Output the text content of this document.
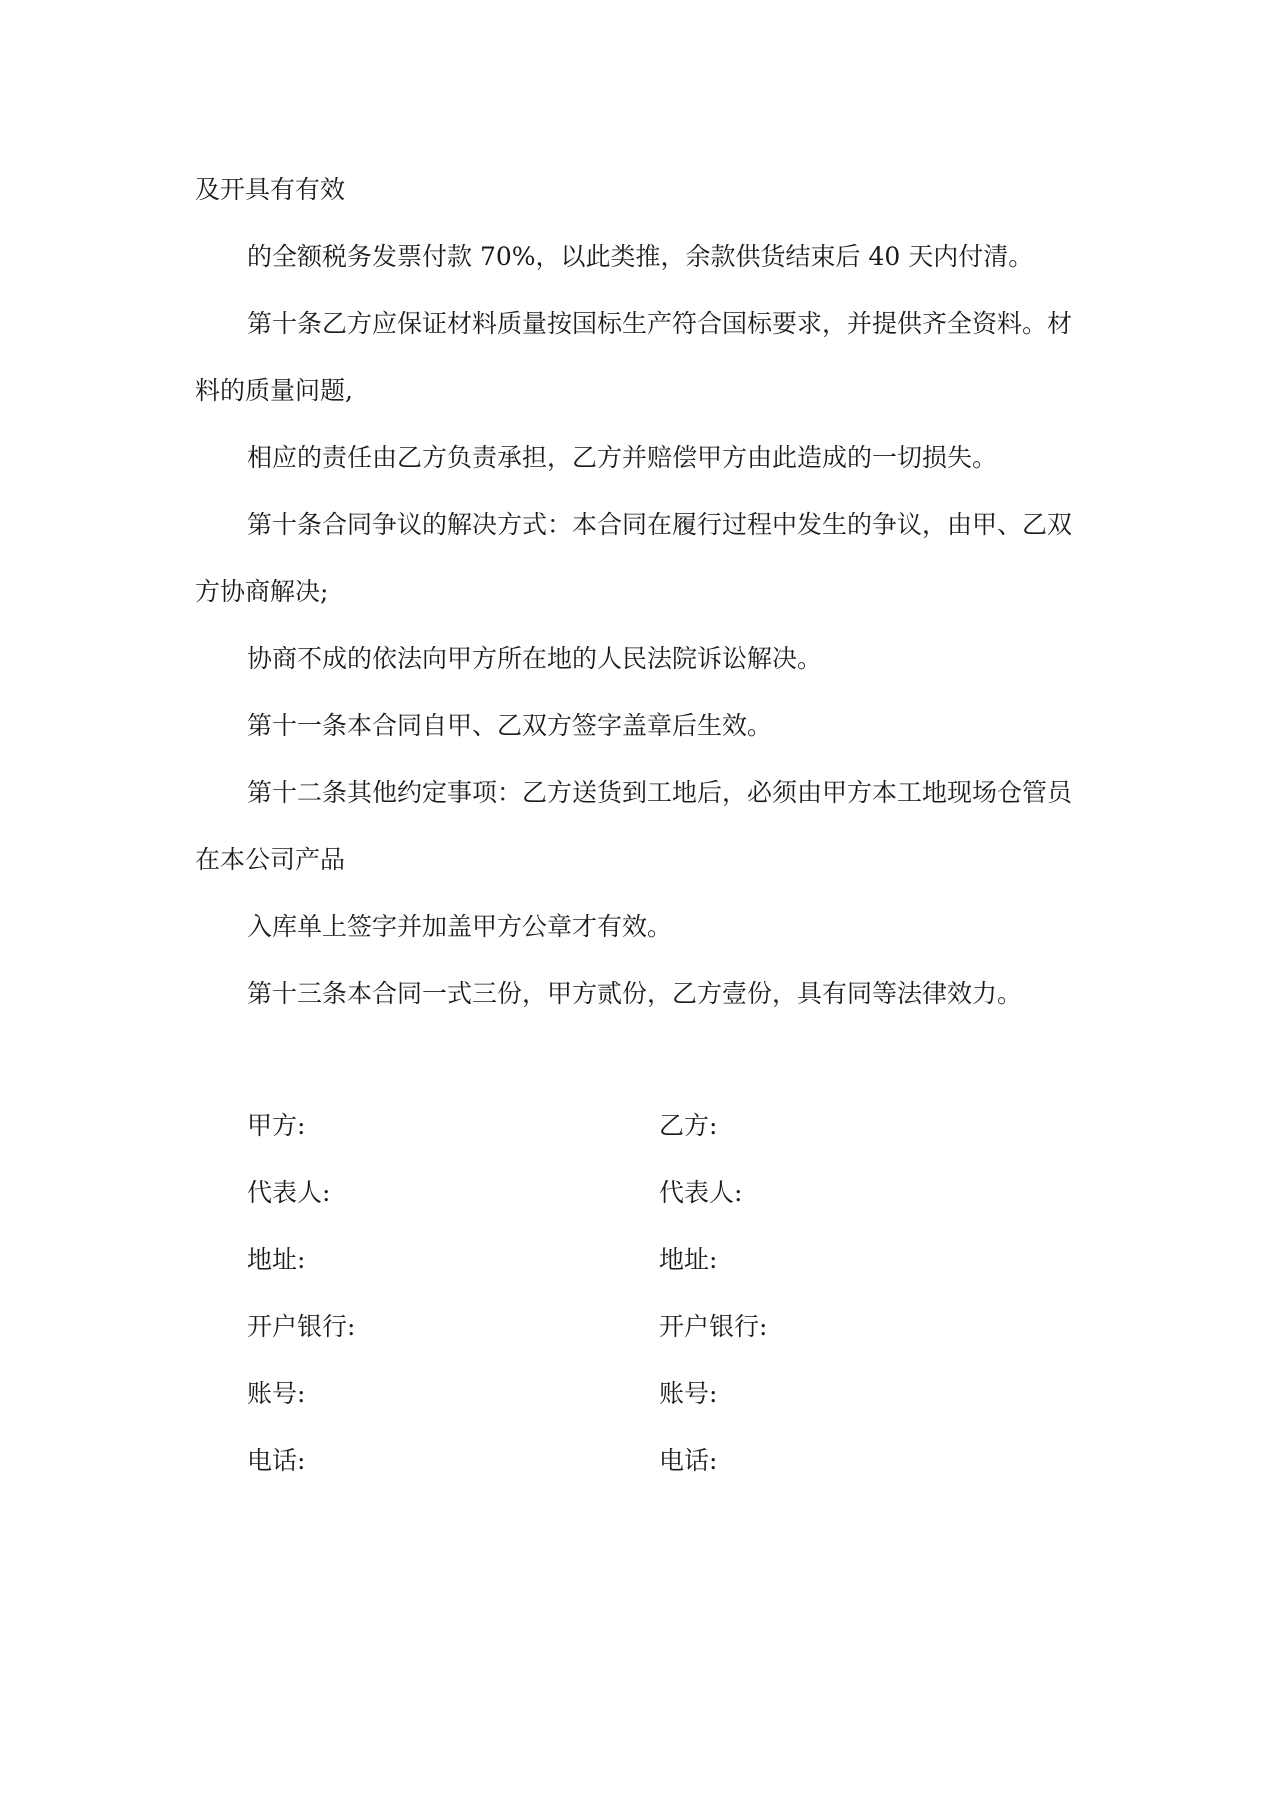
及开具有有效
的全额税务发票付款 70%，以此类推，余款供货结束后 40 天内付清。
第十条乙方应保证材料质量按国标生产符合国标要求，并提供齐全资料。材
料的质量问题,
相应的责任由乙方负责承担，乙方并赔偿甲方由此造成的一切损失。
第十条合同争议的解决方式：本合同在履行过程中发生的争议，由甲、乙双
方协商解决;
协商不成的依法向甲方所在地的人民法院诉讼解决。
第十一条本合同自甲、乙双方签字盖章后生效。
第十二条其他约定事项：乙方送货到工地后，必须由甲方本工地现场仓管员
在本公司产品
入库单上签字并加盖甲方公章才有效。
第十三条本合同一式三份，甲方贰份，乙方壹份，具有同等法律效力。
甲方:	乙方:
代表人:	代表人:
地址:	地址:
开户银行:	开户银行:
账号:	账号:
电话:	电话:
